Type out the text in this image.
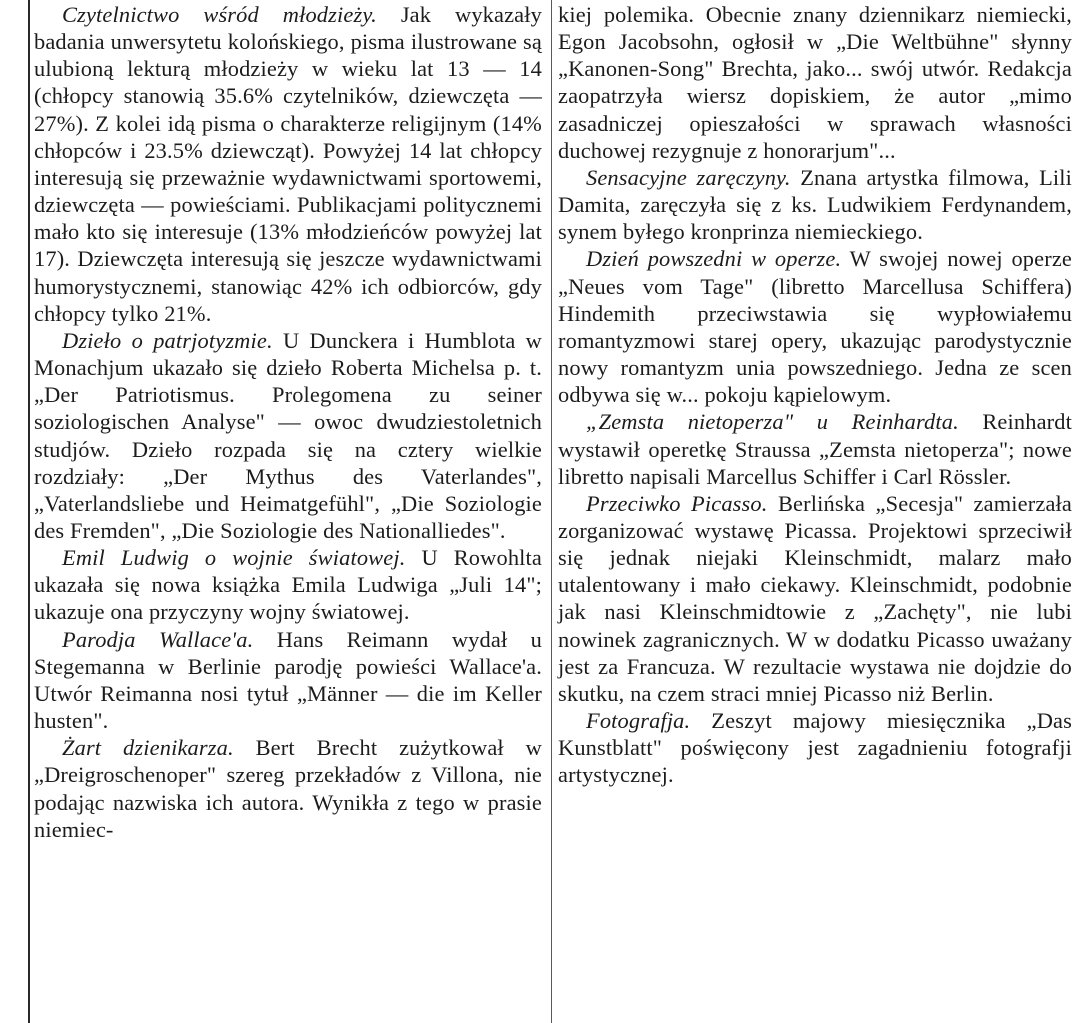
Czytelnictwo wśród młodzieży. Jak wykazały badania unwersytetu kolońskiego, pisma ilustrowane są ulubioną lekturą młodzieży w wieku lat 13 — 14 (chłopcy stanowią 35.6% czytelników, dziewczęta — 27%). Z kolei idą pisma o charakterze religijnym (14% chłopców i 23.5% dziewcząt). Powyżej 14 lat chłopcy interesują się przeważnie wydawnictwami sportowemi, dziewczęta — powieściami. Publikacjami politycznemi mało kto się interesuje (13% młodzieńców powyżej lat 17). Dziewczęta interesują się jeszcze wydawnictwami humorystycznemi, stanowiąc 42% ich odbiorców, gdy chłopcy tylko 21%.

Dzieło o patrjotyzmie. U Dunckera i Humblota w Monachjum ukazało się dzieło Roberta Michelsa p. t. „Der Patriotismus. Prolegomena zu seiner soziologischen Analyse" — owoc dwudziestoletnich studjów. Dzieło rozpada się na cztery wielkie rozdziały: „Der Mythus des Vaterlandes", „Vaterlandsliebe und Heimatgefühl", „Die Soziologie des Fremden", „Die Soziologie des Nationalliedes".

Emil Ludwig o wojnie światowej. U Rowohlta ukazała się nowa książka Emila Ludwiga „Juli 14"; ukazuje ona przyczyny wojny światowej.

Parodja Wallace'a. Hans Reimann wydał u Stegemanna w Berlinie parodję powieści Wallace'a. Utwór Reimanna nosi tytuł „Männer — die im Keller husten".

Żart dzienikarza. Bert Brecht zużytkował w „Dreigroschenoper" szereg przekładów z Villona, nie podając nazwiska ich autora. Wynikła z tego w prasie niemiec-

kiej polemika. Obecnie znany dziennikarz niemiecki, Egon Jacobsohn, ogłosił w „Die Weltbühne" słynny „Kanonen-Song" Brechta, jako... swój utwór. Redakcja zaopatrzyła wiersz dopiskiem, że autor „mimo zasadniczej opieszałości w sprawach własności duchowej rezygnuje z honorarjum"...

Sensacyjne zaręczyny. Znana artystka filmowa, Lili Damita, zaręczyła się z ks. Ludwikiem Ferdynandem, synem byłego kronprinza niemieckiego.

Dzień powszedni w operze. W swojej nowej operze „Neues vom Tage" (libretto Marcellusa Schiffera) Hindemith przeciwstawia się wypłowiałemu romantyzmowi starej opery, ukazując parodystycznie nowy romantyzm unia powszedniego. Jedna ze scen odbywa się w... pokoju kąpielowym.

„Zemsta nietoperza" u Reinhardta. Reinhardt wystawił operetkę Straussa „Zemsta nietoperza"; nowe libretto napisali Marcellus Schiffer i Carl Rössler.

Przeciwko Picasso. Berlińska „Secesja" zamierzała zorganizować wystawę Picassa. Projektowi sprzeciwił się jednak niejaki Kleinschmidt, malarz mało utalentowany i mało ciekawy. Kleinschmidt, podobnie jak nasi Kleinschmidtowie z „Zachęty", nie lubi nowinek zagranicznych. W w dodatku Picasso uważany jest za Francuza. W rezultacie wystawa nie dojdzie do skutku, na czem straci mniej Picasso niż Berlin.

Fotografja. Zeszyt majowy miesięcznika „Das Kunstblatt" poświęcony jest zagadnieniu fotografji artystycznej.
